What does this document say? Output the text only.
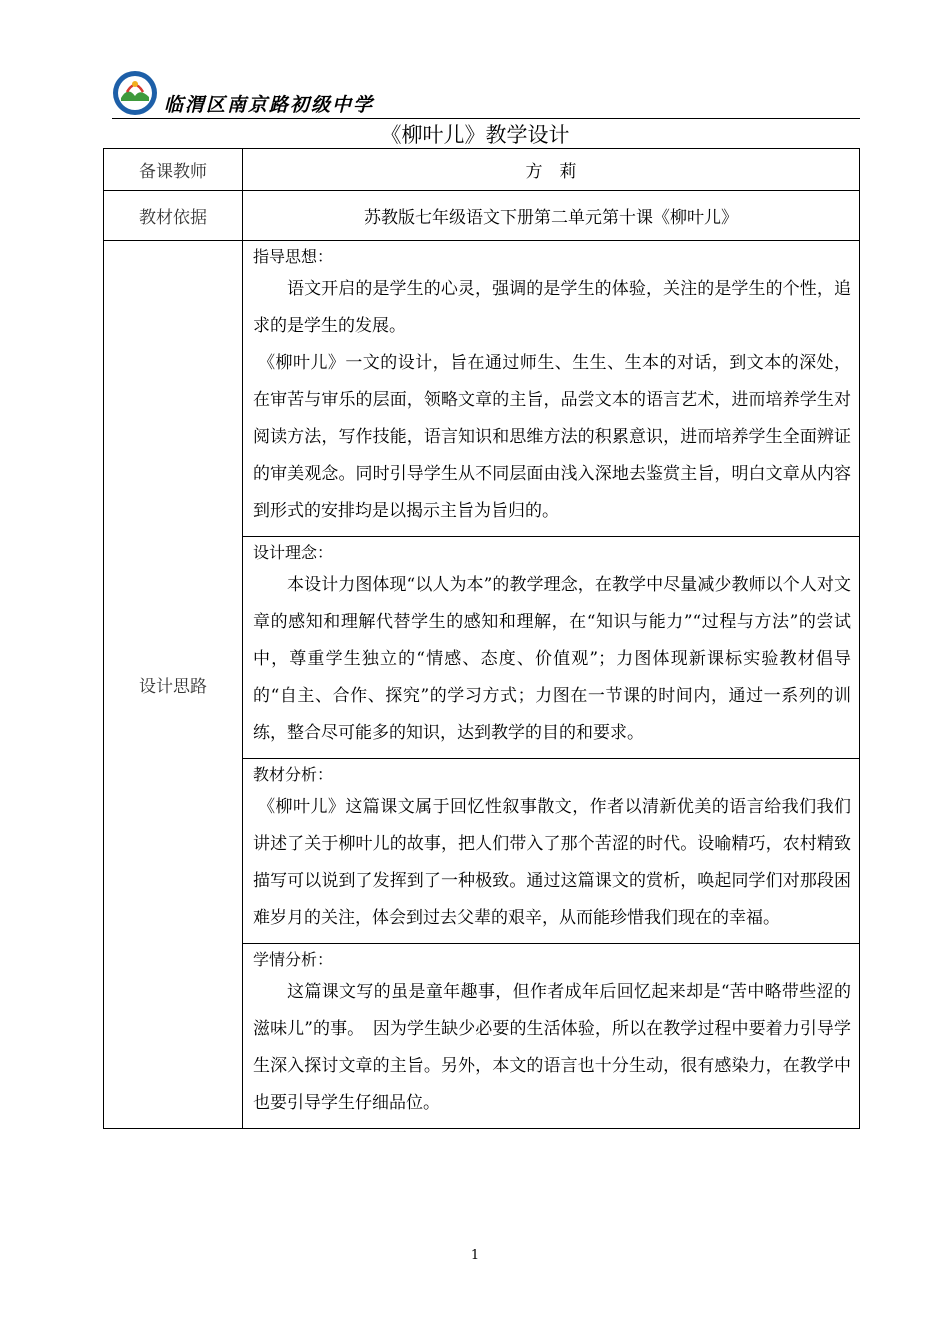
临渭区南京路初级中学
《柳叶儿》教学设计
备课教师	方　莉
教材依据	苏教版七年级语文下册第二单元第十课《柳叶儿》
设计思路	指导思想：

语文开启的是学生的心灵，强调的是学生的体验，关注的是学生的个性，追求的是学生的发展。

《柳叶儿》一文的设计，旨在通过师生、生生、生本的对话，到文本的深处，在审苦与审乐的层面，领略文章的主旨，品尝文本的语言艺术，进而培养学生对阅读方法，写作技能，语言知识和思维方法的积累意识，进而培养学生全面辨证的审美观念。同时引导学生从不同层面由浅入深地去鉴赏主旨，明白文章从内容到形式的安排均是以揭示主旨为旨归的。

	设计理念：

本设计力图体现“以人为本”的教学理念，在教学中尽量减少教师以个人对文章的感知和理解代替学生的感知和理解，在“知识与能力”“过程与方法”的尝试中，尊重学生独立的“情感、态度、价值观”；力图体现新课标实验教材倡导的“自主、合作、探究”的学习方式；力图在一节课的时间内，通过一系列的训练，整合尽可能多的知识，达到教学的目的和要求。

	教材分析：

《柳叶儿》这篇课文属于回忆性叙事散文，作者以清新优美的语言给我们我们讲述了关于柳叶儿的故事，把人们带入了那个苦涩的时代。设喻精巧，农村精致描写可以说到了发挥到了一种极致。通过这篇课文的赏析，唤起同学们对那段困难岁月的关注，体会到过去父辈的艰辛，从而能珍惜我们现在的幸福。

	学情分析：

这篇课文写的虽是童年趣事，但作者成年后回忆起来却是“苦中略带些涩的滋味儿”的事。　因为学生缺少必要的生活体验，所以在教学过程中要着力引导学生深入探讨文章的主旨。另外，本文的语言也十分生动，很有感染力，在教学中也要引导学生仔细品位。

1
